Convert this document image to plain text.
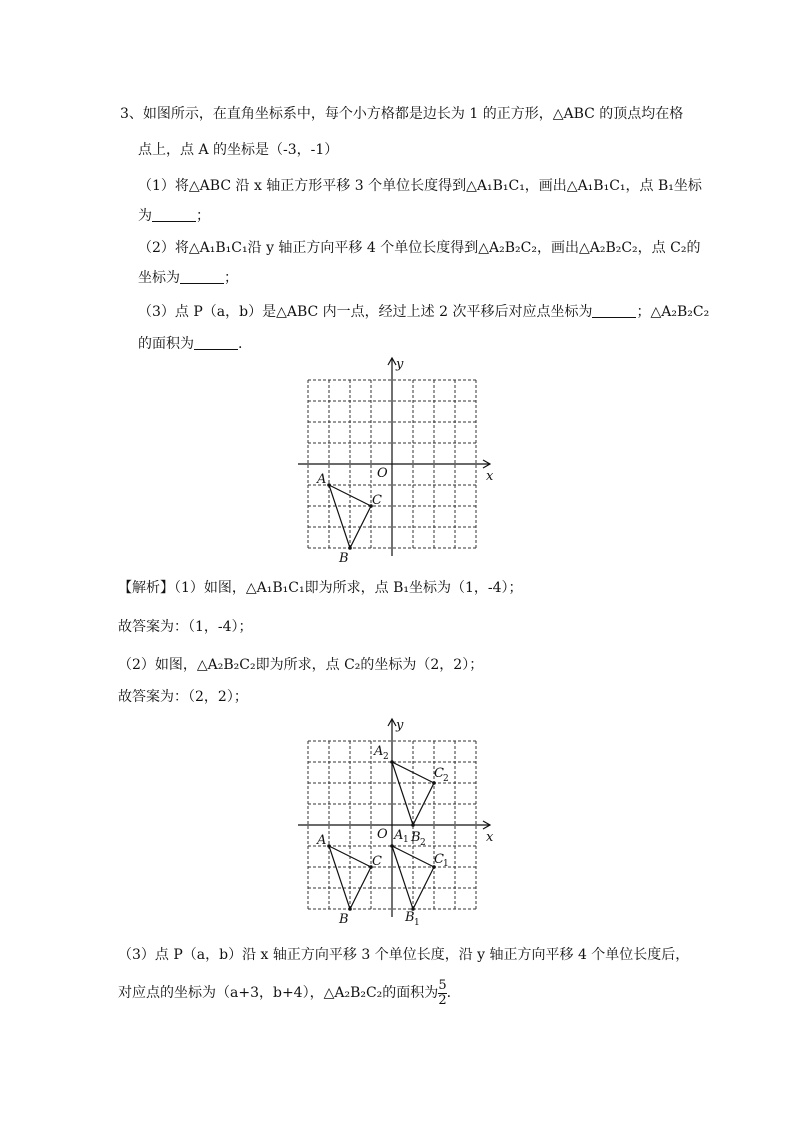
3、如图所示，在直角坐标系中，每个小方格都是边长为 1 的正方形，△ABC 的顶点均在格
点上，点 A 的坐标是（-3，-1）
（1）将△ABC 沿 x 轴正方形平移 3 个单位长度得到△A₁B₁C₁，画出△A₁B₁C₁，点 B₁坐标
为	；
（2）将△A₁B₁C₁沿 y 轴正方向平移 4 个单位长度得到△A₂B₂C₂，画出△A₂B₂C₂，点 C₂的
坐标为	；
（3）点 P（a，b）是△ABC 内一点，经过上述 2 次平移后对应点坐标为	；△A₂B₂C₂
的面积为	.
x
y
O
A
B
C
【解析】（1）如图，△A₁B₁C₁即为所求，点 B₁坐标为（1，-4）；
故答案为：（1，-4）；
（2）如图，△A₂B₂C₂即为所求，点 C₂的坐标为（2，2）；
故答案为：（2，2）；
x
y
O
A
B
C
A
B
C
A
B
C
1
1
1
2
2
2
（3）点 P（a，b）沿 x 轴正方向平移 3 个单位长度，沿 y 轴正方向平移 4 个单位长度后，
对应点的坐标为（a+3，b+4），△A₂B₂C₂的面积为 $\frac{5}{2}$ .
